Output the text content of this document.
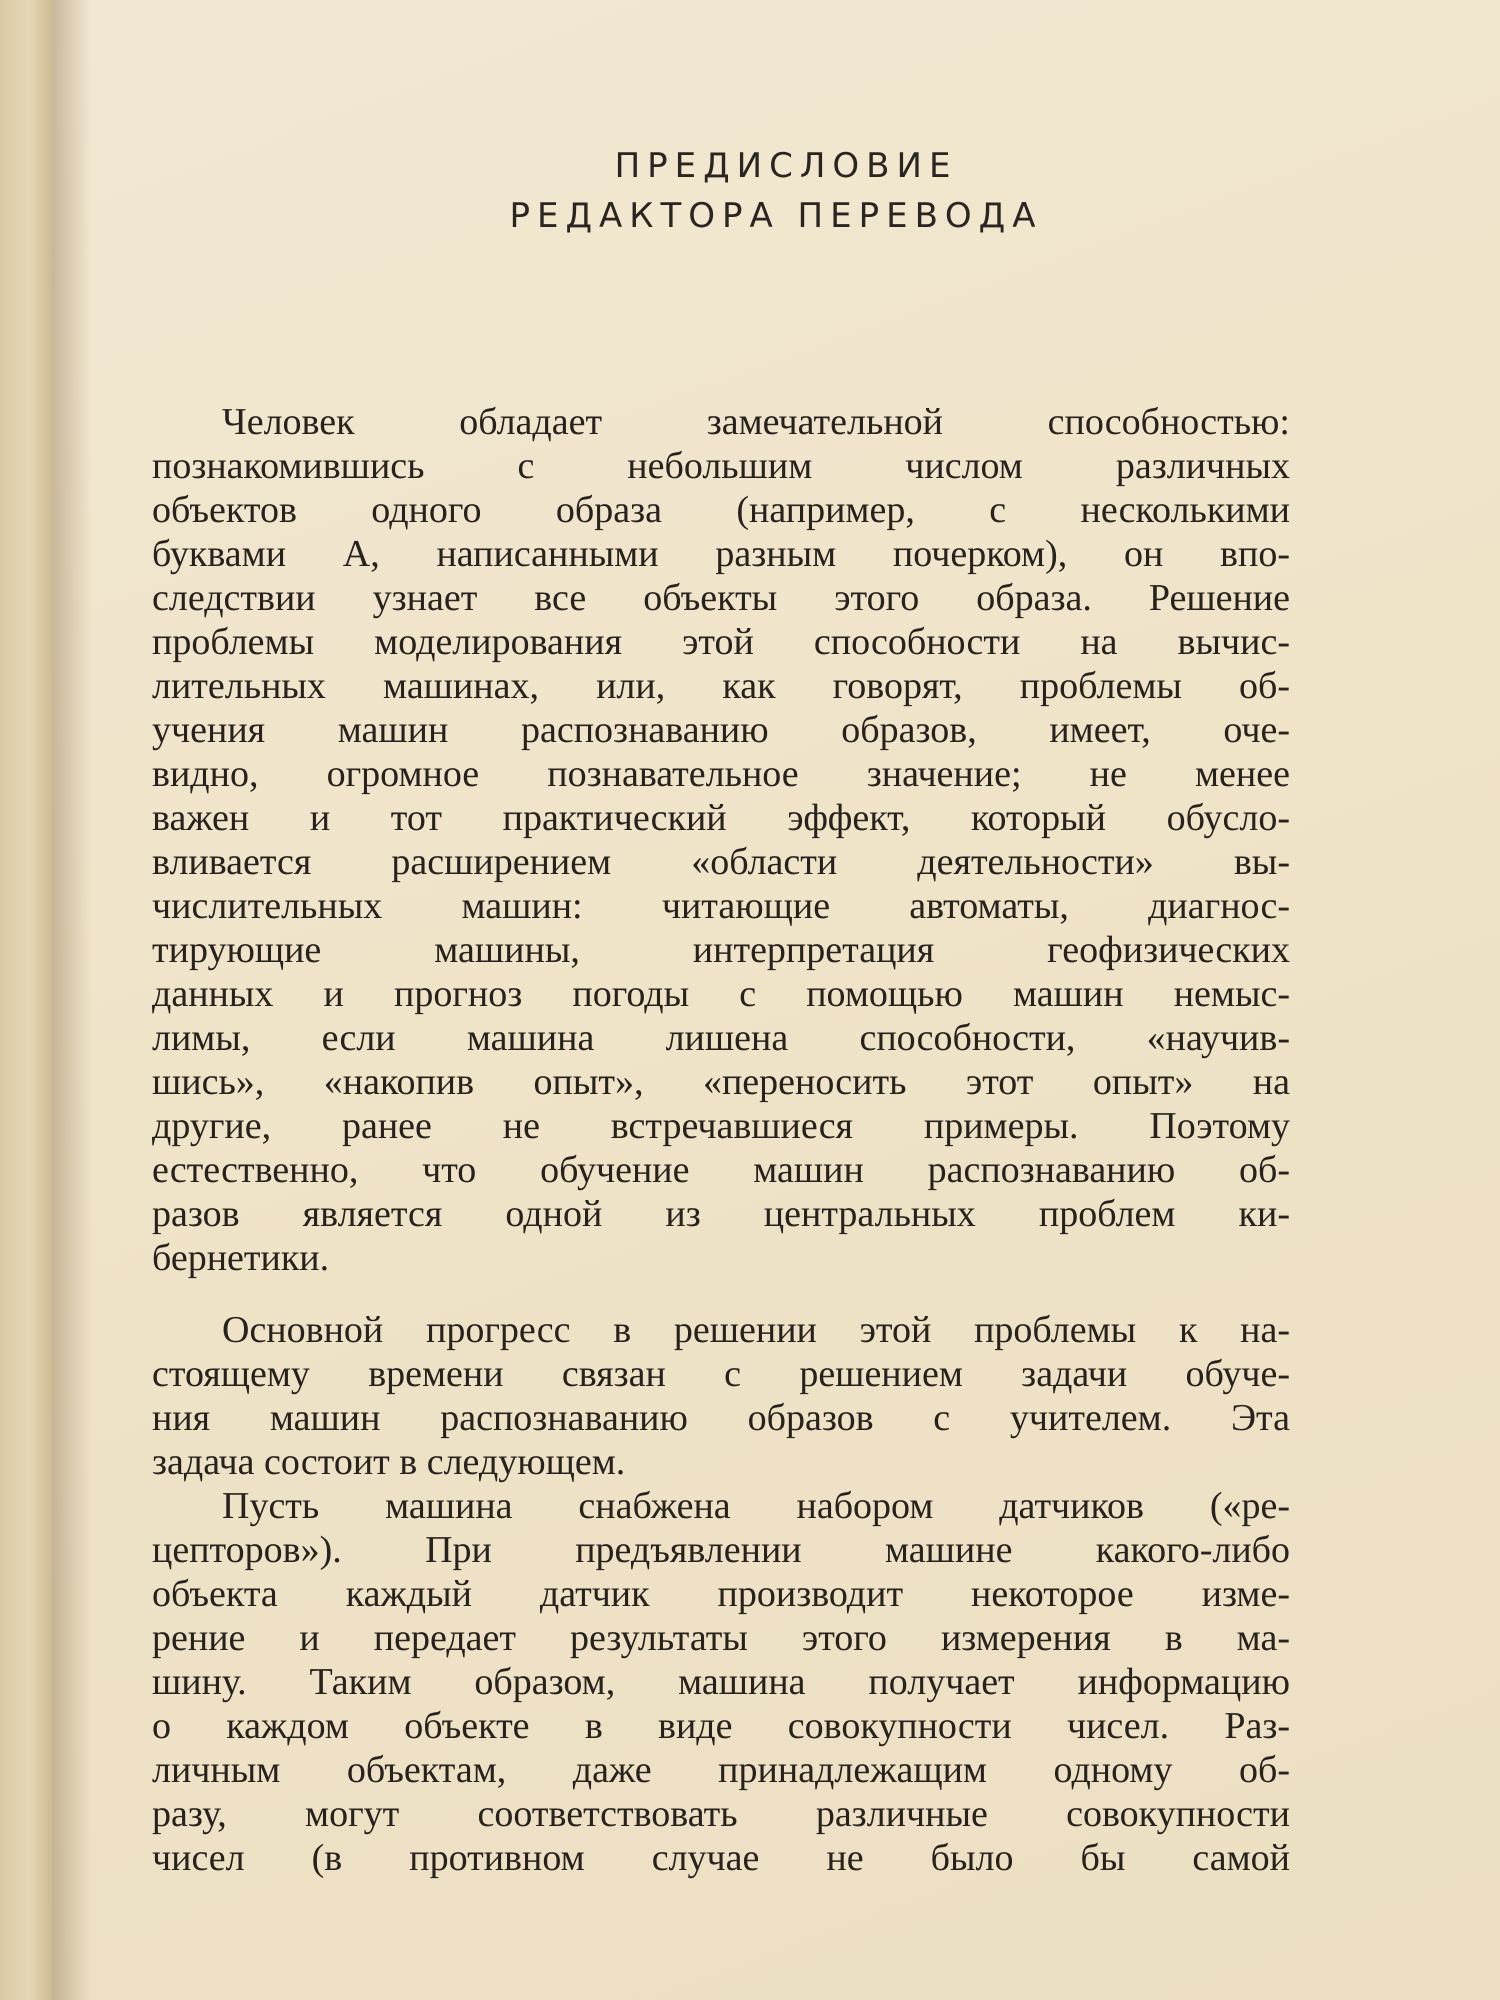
ПРЕДИСЛОВИЕ
РЕДАКТОРА ПЕРЕВОДА
Человек обладает замечательной способностью:
познакомившись с небольшим числом различных
объектов одного образа (например, с несколькими
буквами А, написанными разным почерком), он впо-
следствии узнает все объекты этого образа. Решение
проблемы моделирования этой способности на вычис-
лительных машинах, или, как говорят, проблемы об-
учения машин распознаванию образов, имеет, оче-
видно, огромное познавательное значение; не менее
важен и тот практический эффект, который обусло-
вливается расширением «области деятельности» вы-
числительных машин: читающие автоматы, диагнос-
тирующие машины, интерпретация геофизических
данных и прогноз погоды с помощью машин немыс-
лимы, если машина лишена способности, «научив-
шись», «накопив опыт», «переносить этот опыт» на
другие, ранее не встречавшиеся примеры. Поэтому
естественно, что обучение машин распознаванию об-
разов является одной из центральных проблем ки-
бернетики.
Основной прогресс в решении этой проблемы к на-
стоящему времени связан с решением задачи обуче-
ния машин распознаванию образов с учителем. Эта
задача состоит в следующем.
Пусть машина снабжена набором датчиков («ре-
цепторов»). При предъявлении машине какого-либо
объекта каждый датчик производит некоторое изме-
рение и передает результаты этого измерения в ма-
шину. Таким образом, машина получает информацию
о каждом объекте в виде совокупности чисел. Раз-
личным объектам, даже принадлежащим одному об-
разу, могут соответствовать различные совокупности
чисел (в противном случае не было бы самой
